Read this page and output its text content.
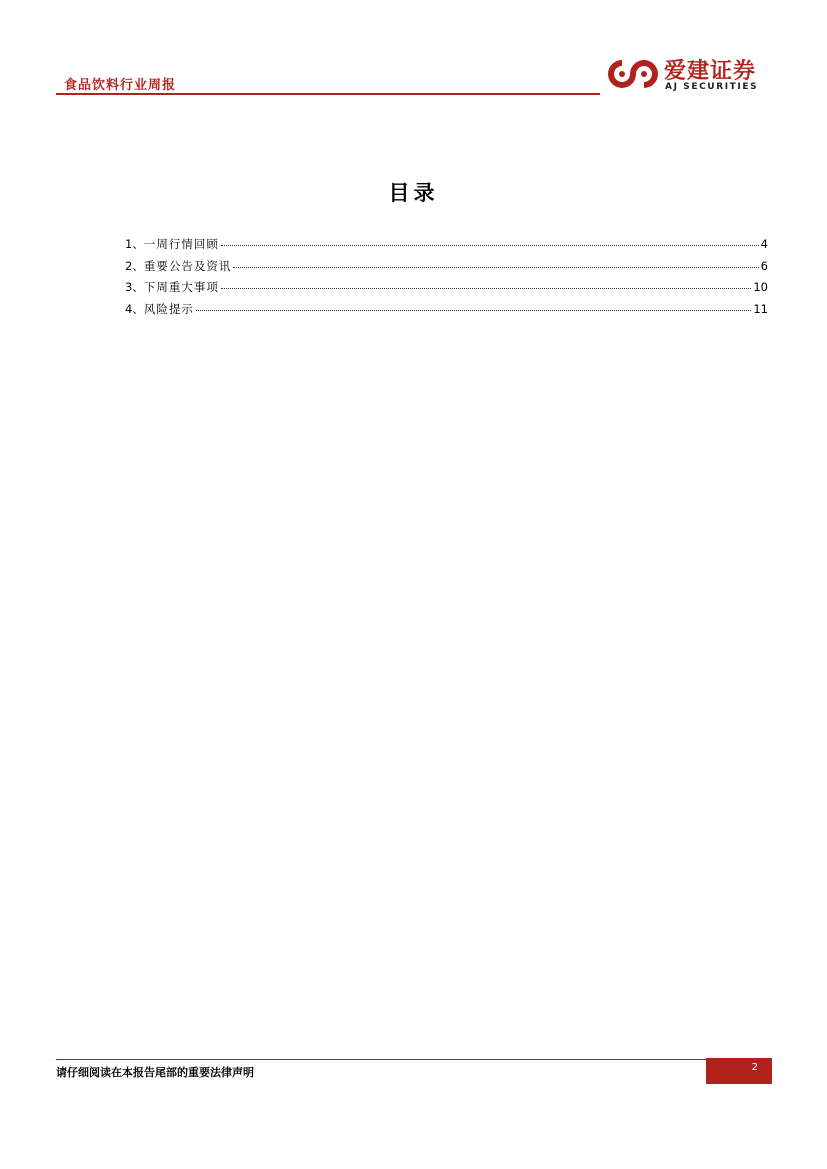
食品饮料行业周报
爱建证券
AJ SECURITIES
目录
1、 一周行情回顾	4
2、 重要公告及资讯	6
3、 下周重大事项	10
4、 风险提示	11
请仔细阅读在本报告尾部的重要法律声明	2
